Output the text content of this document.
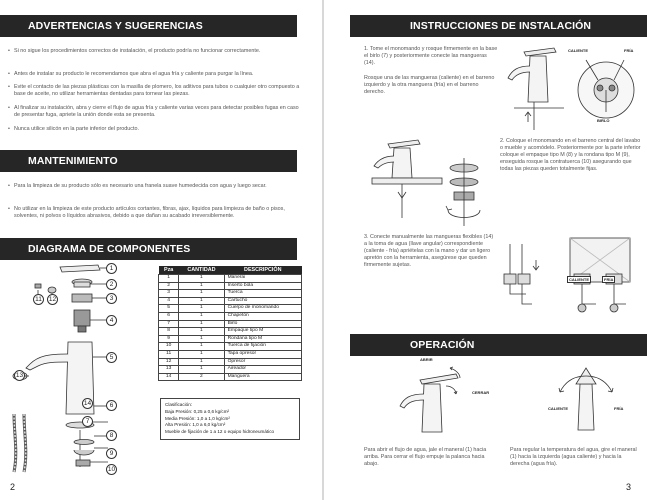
ADVERTENCIAS Y SUGERENCIAS
• Si no sigue los procedimientos correctos de instalación, el producto podría no funcionar correctamente.
• Antes de instalar su producto le recomendamos que abra el agua fría y caliente para purgar la línea.
• Evite el contacto de las piezas plásticas con la masilla de plomero, los aditivos para tubos o cualquier otro compuesto a base de aceite, no utilizar herramientas dentadas para tornear las piezas.
• Al finalizar su instalación, abra y cierre el flujo de agua fría y caliente varias veces para detectar posibles fugas en caso de presentar fuga, apriete la unión donde esta se presenta.
• Nunca utilice silicón en la parte inferior del producto.
MANTENIMIENTO
• Para la limpieza de su producto sólo es necesario una franela suave humedecida con agua y luego secar.
• No utilizar en la limpieza de este producto artículos cortantes, fibras, ajax, líquidos para limpieza de baño o pisos, solventes, ni polvos o líquidos abrasivos, debido a que dañan su acabado irreversiblemente.
DIAGRAMA DE COMPONENTES
1
2
3
4
5
6
7
8
9
10
11	12
13
14
Pza	CANTIDAD	DESCRIPCIÓN
1	1	Manerai
2	1	Inserto bola
3	1	Tuerca
4	1	Cartucho
5	1	Cuerpo de monomando
6	1	Chapetón
7	1	Birlo
8	1	Empaque tipo M
9	1	Rondana tipo M
10	1	Tuerca de fijación
11	1	Tapa opresor
12	1	Opresor
13	1	Aireador
14	2	Manguera
Clasificación:
Baja Presión: 0,25 a 0,6 kg/cm²
Media Presión: 1,0 a 1,0 kg/cm²
Alta Presión: 1,0 a 6,0 kg/cm²
Mueble de fijación de 1 a 12 o equipo hidroneumático
2
INSTRUCCIONES DE INSTALACIÓN
CALIENTE	FRÍA
BIRLO
1. Tome el monomando y rosque firmemente en la base el birlo (7) y posteriormente conecte las mangueras (14).
Rosque una de las mangueras (caliente) en el barreno izquierdo y la otra manguera (fría) en el barreno derecho.
2. Coloque el monomando en el barreno central del lavabo o mueble y acomódelo. Posteriormente por la parte inferior coloque el empaque tipo M (8) y la rondana tipo M (9), enseguida rosque la contratuerca (10) asegurando que todas las piezas queden totalmente fijas.
3. Conecte manualmente las mangueras flexibles (14) a la toma de agua (llave angular) correspondiente (caliente - fría) apriételas con la mano y dar un ligero apretón con la herramienta, asegúrese que queden firmemente sujetas.
CALIENTE	FRÍA
OPERACIÓN
ABRIR
CERRAR
CALIENTE	FRÍA
Para abrir el flujo de agua, jale el maneral (1) hacia arriba. Para cerrar el flujo empuje la palanca hacia abajo.
Para regular la temperatura del agua, gire el maneral (1) hacia la izquierda (agua caliente) y hacia la derecha (agua fría).
3
